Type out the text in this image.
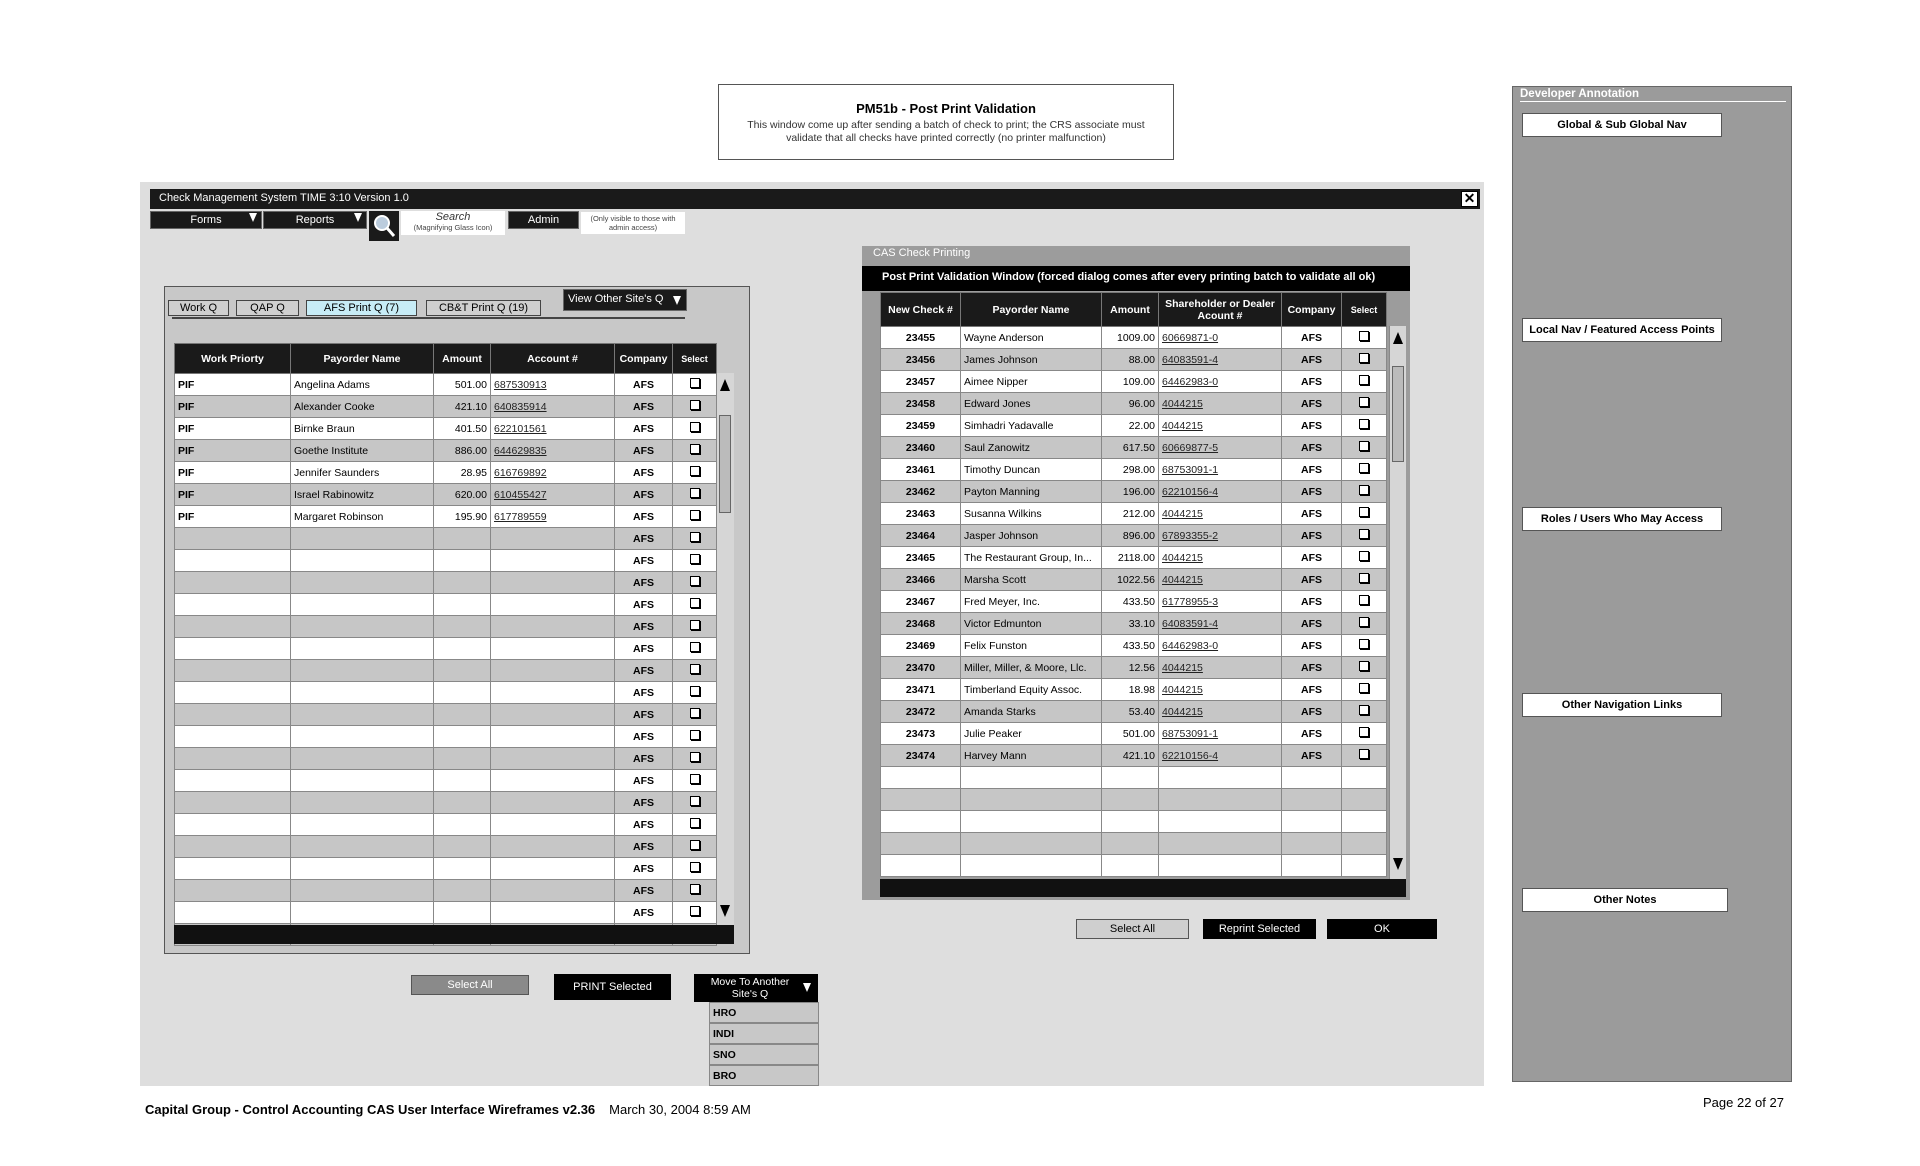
PM51b - Post Print Validation
This window come up after sending a batch of check to print; the CRS associate must validate that all checks have printed correctly (no printer malfunction)
Check Management System TIME 3:10 Version 1.0	✕
Forms	Reports	Search
(Magnifying Glass Icon)
Admin	(Only visible to those with admin access)
Work Q	QAP Q	AFS Print Q (7)	CB&T Print Q (19)
View Other Site's Q
Work Priorty	Payorder Name	Amount	Account #	Company	Select
PIF	Angelina Adams	501.00	687530913	AFS	
PIF	Alexander Cooke	421.10	640835914	AFS	
PIF	Birnke Braun	401.50	622101561	AFS	
PIF	Goethe Institute	886.00	644629835	AFS	
PIF	Jennifer Saunders	28.95	616769892	AFS	
PIF	Israel Rabinowitz	620.00	610455427	AFS	
PIF	Margaret Robinson	195.90	617789559	AFS	
				AFS	
				AFS	
				AFS	
				AFS	
				AFS	
				AFS	
				AFS	
				AFS	
				AFS	
				AFS	
				AFS	
				AFS	
				AFS	
				AFS	
				AFS	
				AFS	
				AFS	
				AFS	

Select All	PRINT Selected	Move To Another Site's Q
HRO
INDI
SNO
BRO
CAS Check Printing
Post Print Validation Window (forced dialog comes after every printing batch to validate all ok)
New Check #	Payorder Name	Amount	Shareholder or Dealer Acount #	Company	Select
23455	Wayne Anderson	1009.00	60669871-0	AFS	
23456	James Johnson	88.00	64083591-4	AFS	
23457	Aimee Nipper	109.00	64462983-0	AFS	
23458	Edward Jones	96.00	4044215	AFS	
23459	Simhadri Yadavalle	22.00	4044215	AFS	
23460	Saul Zanowitz	617.50	60669877-5	AFS	
23461	Timothy Duncan	298.00	68753091-1	AFS	
23462	Payton Manning	196.00	62210156-4	AFS	
23463	Susanna Wilkins	212.00	4044215	AFS	
23464	Jasper Johnson	896.00	67893355-2	AFS	
23465	The Restaurant Group, In...	2118.00	4044215	AFS	
23466	Marsha Scott	1022.56	4044215	AFS	
23467	Fred Meyer, Inc.	433.50	61778955-3	AFS	
23468	Victor Edmunton	33.10	64083591-4	AFS	
23469	Felix Funston	433.50	64462983-0	AFS	
23470	Miller, Miller, & Moore, Llc.	12.56	4044215	AFS	
23471	Timberland Equity Assoc.	18.98	4044215	AFS	
23472	Amanda Starks	53.40	4044215	AFS	
23473	Julie Peaker	501.00	68753091-1	AFS	
23474	Harvey Mann	421.10	62210156-4	AFS	

Select All	Reprint Selected	OK
Developer Annotation
Global & Sub Global Nav
Local Nav / Featured Access Points
Roles / Users Who May Access
Other Navigation Links
Other Notes
Capital Group - Control Accounting CAS User Interface Wireframes v2.36 March 30, 2004 8:59 AM	Page 22 of 27
